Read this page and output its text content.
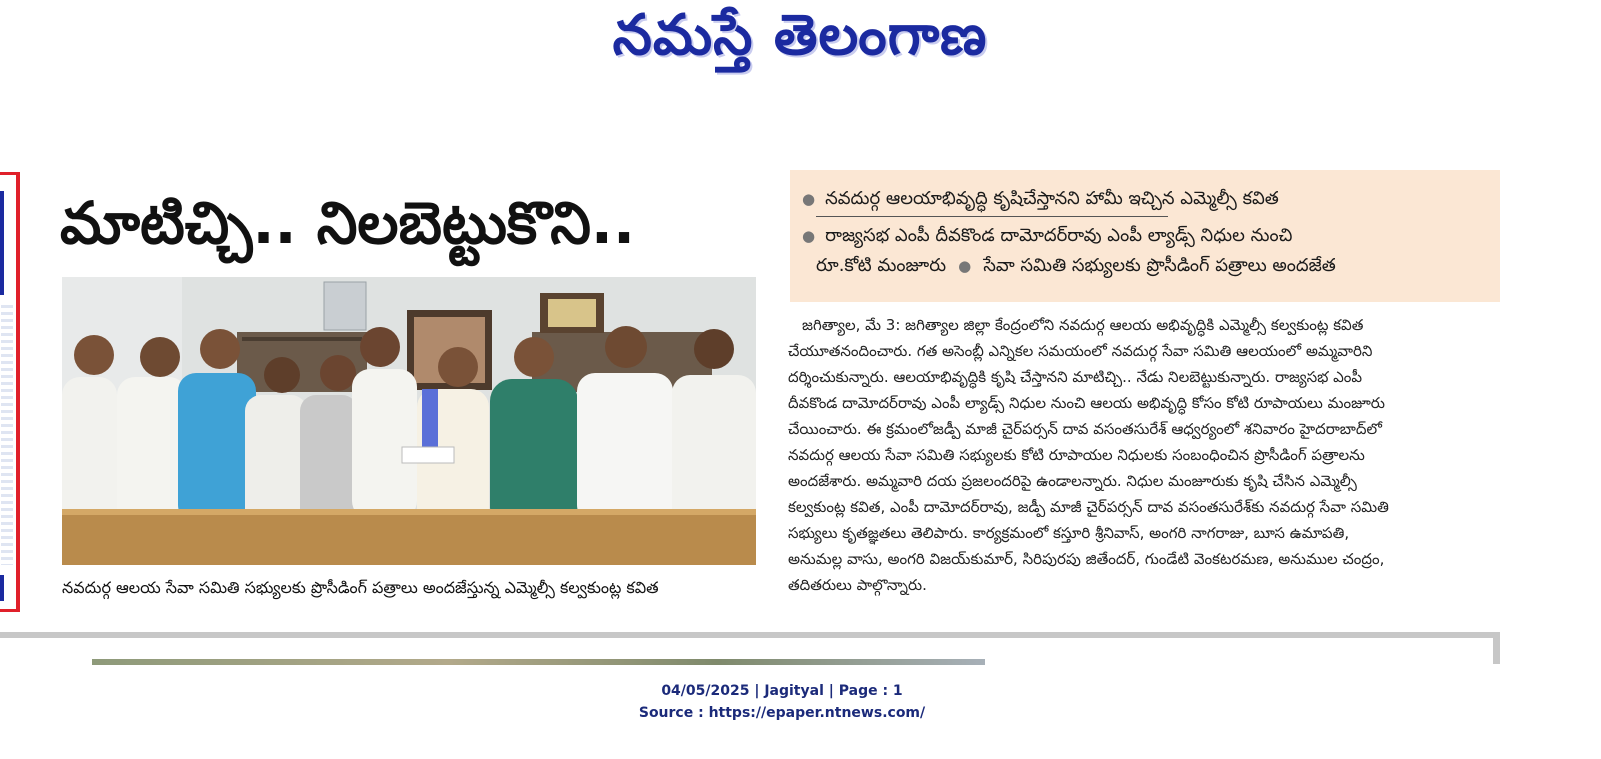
నమస్తే తెలంగాణ
మాటిచ్చి.. నిలబెట్టుకొని..
నవదుర్గ ఆలయ సేవా సమితి సభ్యులకు ప్రొసీడింగ్ పత్రాలు అందజేస్తున్న ఎమ్మెల్సీ కల్వకుంట్ల కవిత
● నవదుర్గ ఆలయాభివృద్ధి కృషిచేస్తానని హామీ ఇచ్చిన ఎమ్మెల్సీ కవిత
● రాజ్యసభ ఎంపీ దీవకొండ దామోదర్‌రావు ఎంపీ ల్యాడ్స్ నిధుల నుంచి
రూ.కోటి మంజూరు ● సేవా సమితి సభ్యులకు ప్రొసీడింగ్ పత్రాలు అందజేత

జగిత్యాల, మే 3: జగిత్యాల జిల్లా కేంద్రంలోని నవదుర్గ ఆలయ అభివృద్ధికి ఎమ్మెల్సీ కల్వకుంట్ల కవిత

చేయూతనందించారు. గత అసెంబ్లీ ఎన్నికల సమయంలో నవదుర్గ సేవా సమితి ఆలయంలో అమ్మవారిని

దర్శించుకున్నారు. ఆలయాభివృద్ధికి కృషి చేస్తానని మాటిచ్చి.. నేడు నిలబెట్టుకున్నారు. రాజ్యసభ ఎంపీ

దీవకొండ దామోదర్‌రావు ఎంపీ ల్యాడ్స్ నిధుల నుంచి ఆలయ అభివృద్ధి కోసం కోటి రూపాయలు మంజూరు

చేయించారు. ఈ క్రమంలోజడ్పీ మాజీ చైర్‌పర్సన్ దావ వసంతసురేశ్ ఆధ్వర్యంలో శనివారం హైదరాబాద్‌లో

నవదుర్గ ఆలయ సేవా సమితి సభ్యులకు కోటి రూపాయల నిధులకు సంబంధించిన ప్రొసీడింగ్ పత్రాలను

అందజేశారు. అమ్మవారి దయ ప్రజలందరిపై ఉండాలన్నారు. నిధుల మంజూరుకు కృషి చేసిన ఎమ్మెల్సీ

కల్వకుంట్ల కవిత, ఎంపీ దామోదర్‌రావు, జడ్పీ మాజీ చైర్‌పర్సన్ దావ వసంతసురేశ్‌కు నవదుర్గ సేవా సమితి

సభ్యులు కృతజ్ఞతలు తెలిపారు. కార్యక్రమంలో కస్తూరి శ్రీనివాస్, అంగరి నాగరాజు, బూస ఉమాపతి,

అనుమల్ల వాసు, అంగరి విజయ్‌కుమార్, సిరిపురపు జితేందర్, గుండేటి వెంకటరమణ, అనుముల చంద్రం,

తదితరులు పాల్గొన్నారు.

04/05/2025 | Jagityal | Page : 1
Source : https://epaper.ntnews.com/
